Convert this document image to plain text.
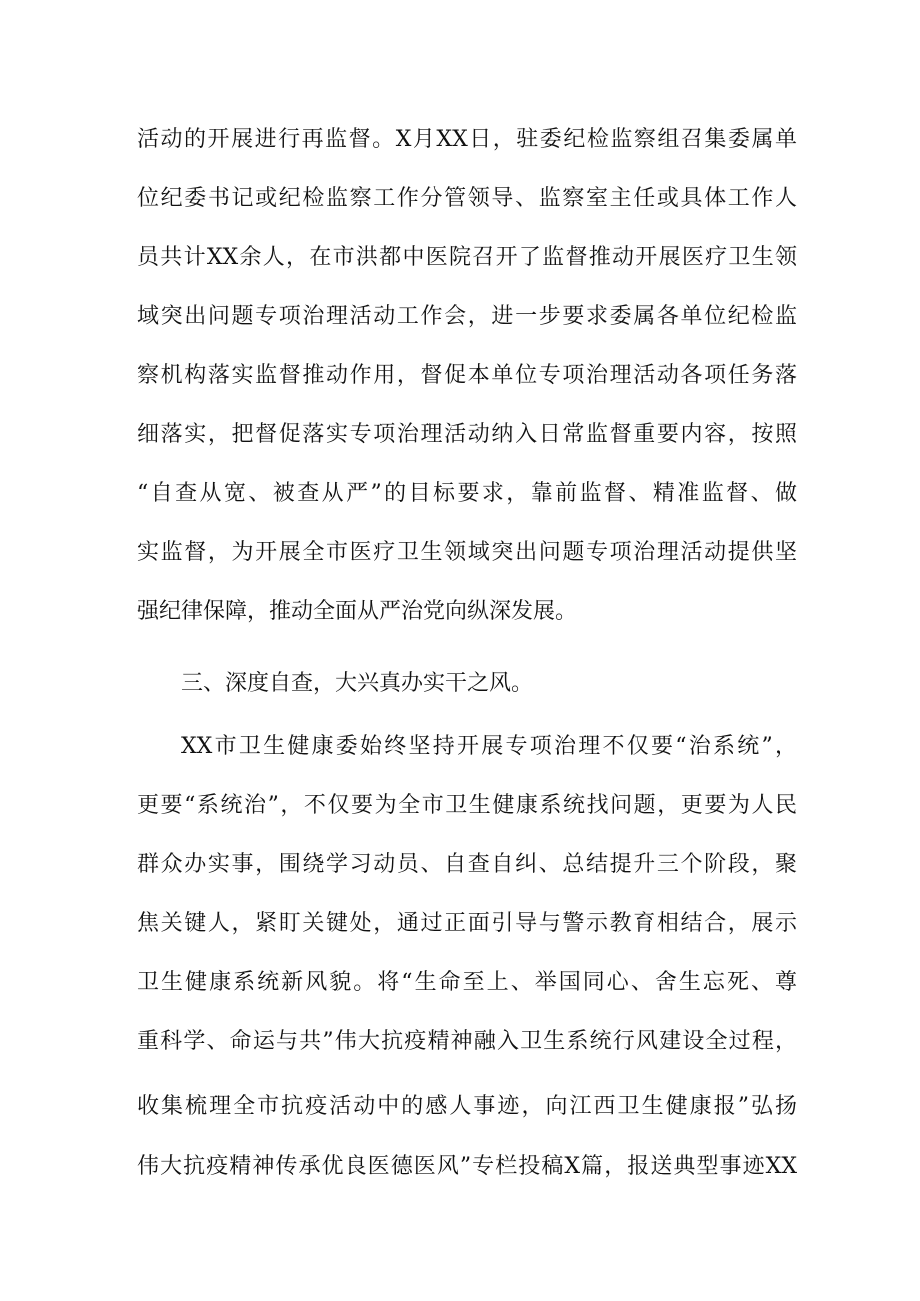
活动的开展进行再监督。X月XX日，驻委纪检监察组召集委属单
位纪委书记或纪检监察工作分管领导、监察室主任或具体工作人
员共计XX余人，在市洪都中医院召开了监督推动开展医疗卫生领
域突出问题专项治理活动工作会，进一步要求委属各单位纪检监
察机构落实监督推动作用，督促本单位专项治理活动各项任务落
细落实，把督促落实专项治理活动纳入日常监督重要内容，按照
“自查从宽、被查从严”的目标要求，靠前监督、精准监督、做
实监督，为开展全市医疗卫生领域突出问题专项治理活动提供坚
强纪律保障，推动全面从严治党向纵深发展。
三、深度自查，大兴真办实干之风。
XX市卫生健康委始终坚持开展专项治理不仅要“治系统”，
更要“系统治”，不仅要为全市卫生健康系统找问题，更要为人民
群众办实事，围绕学习动员、自查自纠、总结提升三个阶段，聚
焦关键人，紧盯关键处，通过正面引导与警示教育相结合，展示
卫生健康系统新风貌。将“生命至上、举国同心、舍生忘死、尊
重科学、命运与共”伟大抗疫精神融入卫生系统行风建设全过程，
收集梳理全市抗疫活动中的感人事迹，向江西卫生健康报”弘扬
伟大抗疫精神传承优良医德医风”专栏投稿X篇，报送典型事迹XX
